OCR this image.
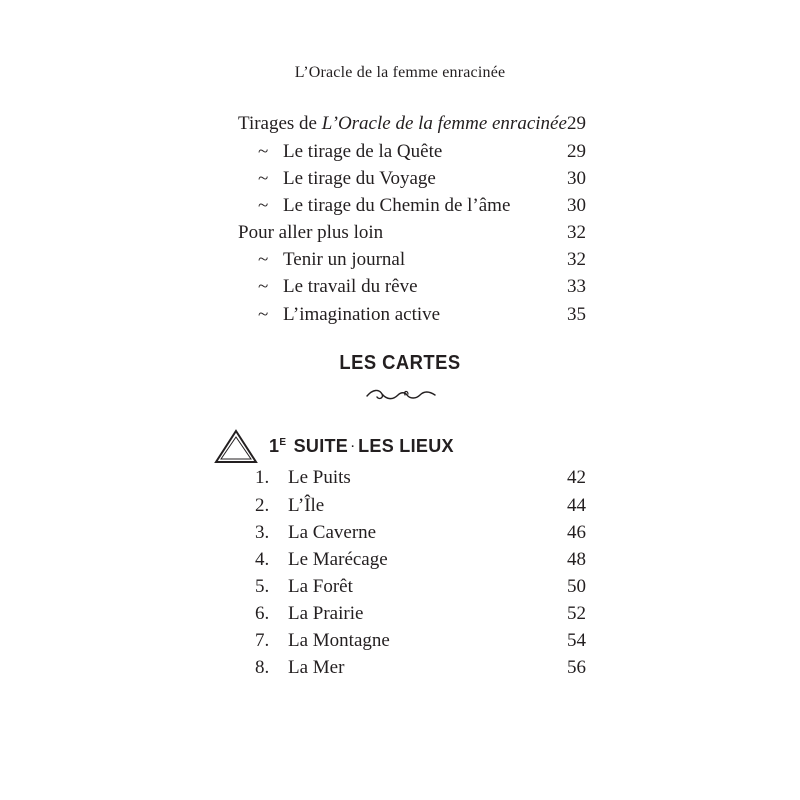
L’Oracle de la femme enracinée
Tirages de L’Oracle de la femme enracinée 29
~ Le tirage de la Quête	29
~ Le tirage du Voyage	30
~ Le tirage du Chemin de l’âme	30
Pour aller plus loin	32
~ Tenir un journal	32
~ Le travail du rêve	33
~ L’imagination active	35
LES CARTES
$1^E$ SUITE · LES LIEUX
1. Le Puits	42
2. L’Île	44
3. La Caverne	46
4. Le Marécage	48
5. La Forêt	50
6. La Prairie	52
7. La Montagne	54
8. La Mer	56
